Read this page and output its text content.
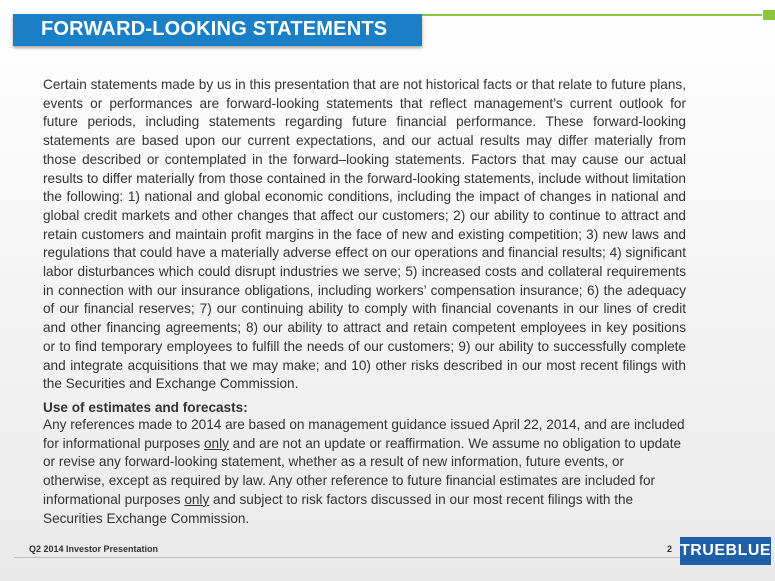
FORWARD-LOOKING STATEMENTS
Certain statements made by us in this presentation that are not historical facts or that relate to future plans, events or performances are forward-looking statements that reflect management’s current outlook for future periods, including statements regarding future financial performance. These forward-looking statements are based upon our current expectations, and our actual results may differ materially from those described or contemplated in the forward–looking statements. Factors that may cause our actual results to differ materially from those contained in the forward-looking statements, include without limitation the following: 1) national and global economic conditions, including the impact of changes in national and global credit markets and other changes that affect our customers; 2) our ability to continue to attract and retain customers and maintain profit margins in the face of new and existing competition; 3) new laws and regulations that could have a materially adverse effect on our operations and financial results; 4) significant labor disturbances which could disrupt industries we serve; 5) increased costs and collateral requirements in connection with our insurance obligations, including workers’ compensation insurance; 6) the adequacy of our financial reserves; 7) our continuing ability to comply with financial covenants in our lines of credit and other financing agreements; 8) our ability to attract and retain competent employees in key positions or to find temporary employees to fulfill the needs of our customers; 9) our ability to successfully complete and integrate acquisitions that we may make; and 10) other risks described in our most recent filings with the Securities and Exchange Commission.
Use of estimates and forecasts:
Any references made to 2014 are based on management guidance issued April 22, 2014, and are included for informational purposes only and are not an update or reaffirmation. We assume no obligation to update or revise any forward-looking statement, whether as a result of new information, future events, or otherwise, except as required by law. Any other reference to future financial estimates are included for informational purposes only and subject to risk factors discussed in our most recent filings with the Securities Exchange Commission.
Q2 2014 Investor Presentation	2 TRUEBLUE
